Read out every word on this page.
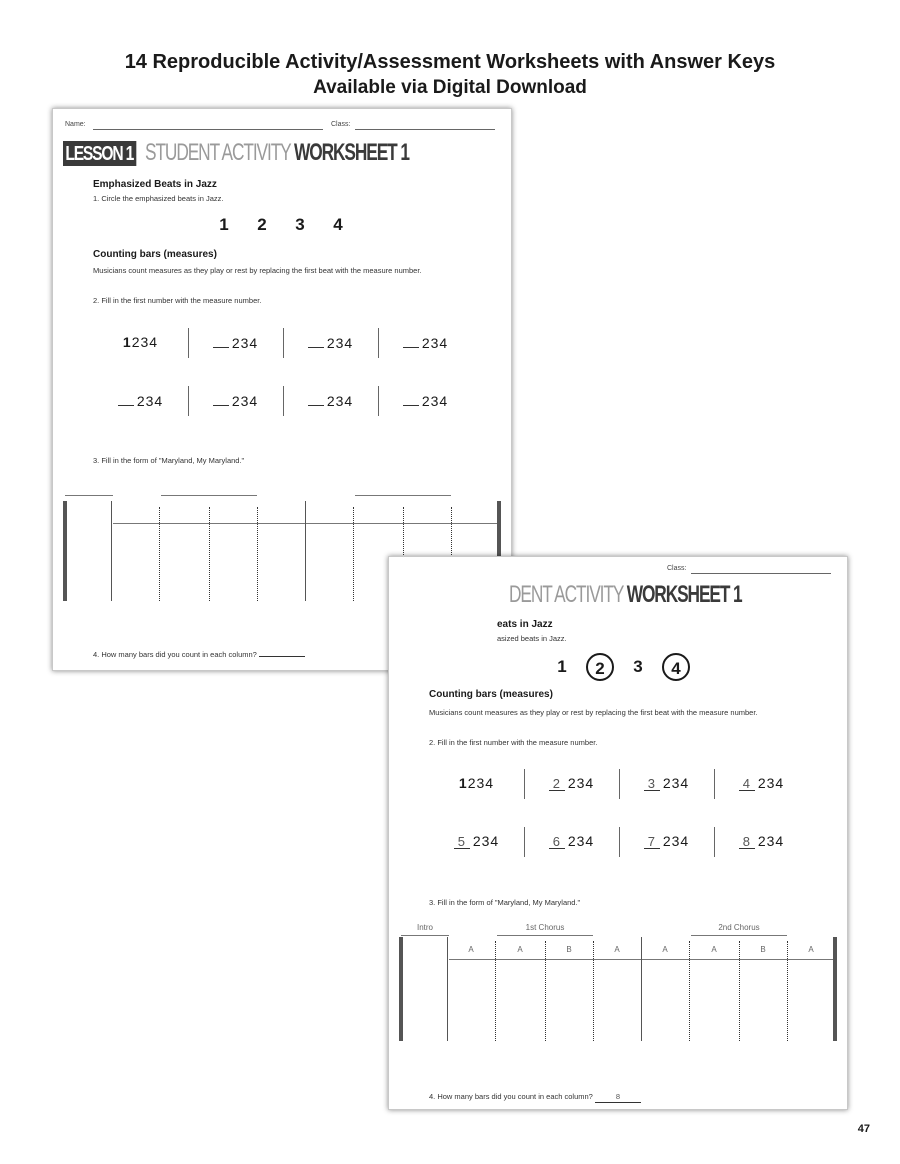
14 Reproducible Activity/Assessment Worksheets with Answer Keys
Available via Digital Download
Name:	Class:
LESSON 1 STUDENT ACTIVITY WORKSHEET 1
Emphasized Beats in Jazz
1. Circle the emphasized beats in Jazz.
1	2	3	4
Counting bars (measures)
Musicians count measures as they play or rest by replacing the first beat with the measure number.
2. Fill in the first number with the measure number.
1234	234	234	234
234	234	234	234
3. Fill in the form of "Maryland, My Maryland."
4. How many bars did you count in each column?
Class:
DENT ACTIVITY WORKSHEET 1
eats in Jazz
asized beats in Jazz.
1	2	3	4
Counting bars (measures)
Musicians count measures as they play or rest by replacing the first beat with the measure number.
2. Fill in the first number with the measure number.
1234	2 234	3 234	4 234
5 234	6 234	7 234	8 234
3. Fill in the form of "Maryland, My Maryland."
Intro	1st Chorus	2nd Chorus
A	A	B	A	A	A	B	A
4. How many bars did you count in each column?	8
47
